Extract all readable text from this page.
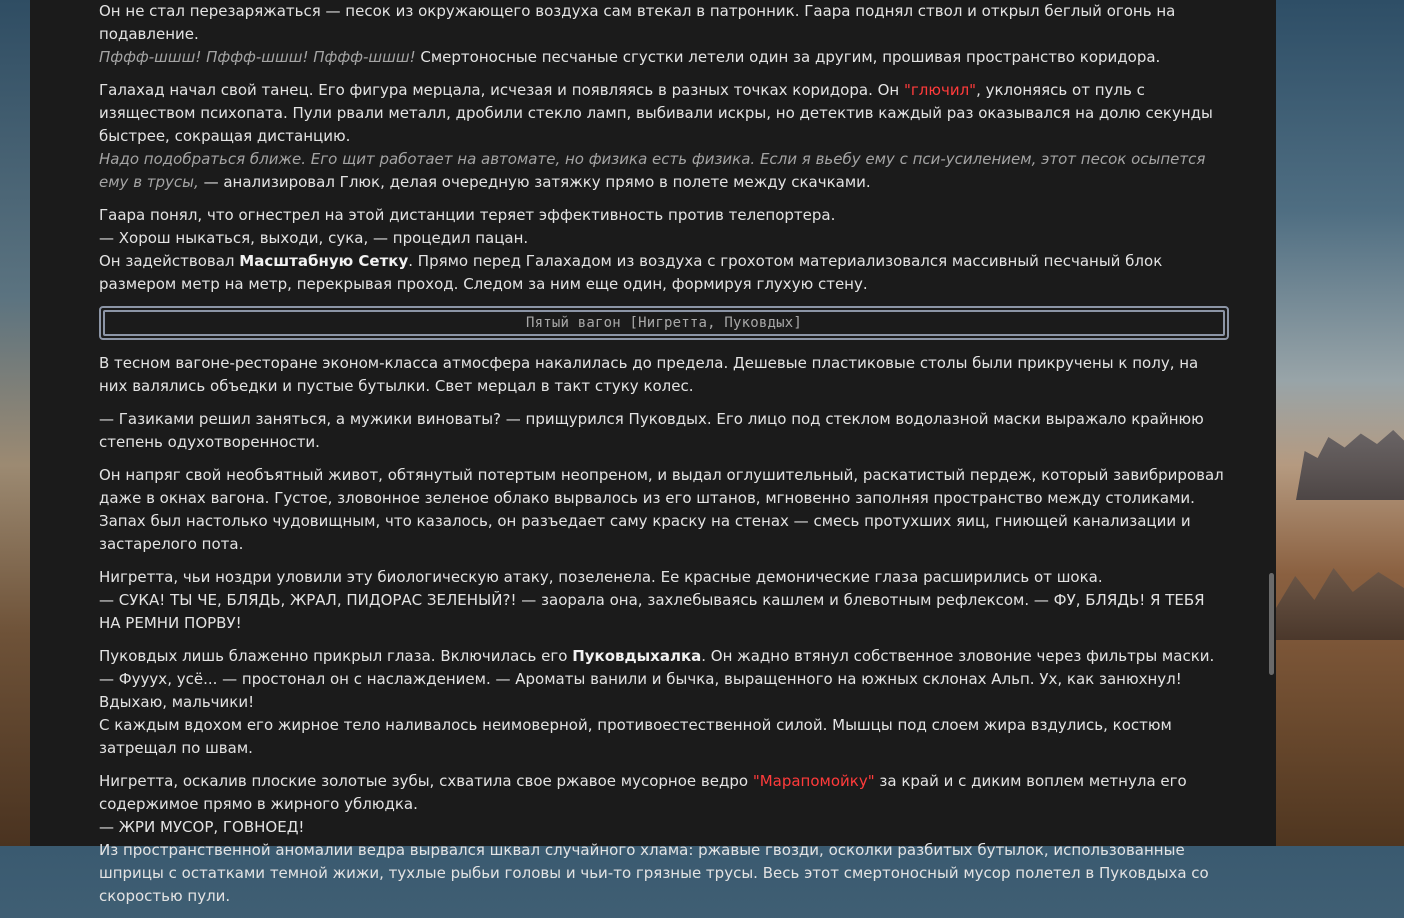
Он не стал перезаряжаться — песок из окружающего воздуха сам втекал в патронник. Гаара поднял ствол и открыл беглый огонь на подавление.
Пффф-шшш! Пффф-шшш! Пффф-шшш! Смертоносные песчаные сгустки летели один за другим, прошивая пространство коридора.

Галахад начал свой танец. Его фигура мерцала, исчезая и появляясь в разных точках коридора. Он "глючил", уклоняясь от пуль с изяществом психопата. Пули рвали металл, дробили стекло ламп, выбивали искры, но детектив каждый раз оказывался на долю секунды быстрее, сокращая дистанцию.
Надо подобраться ближе. Его щит работает на автомате, но физика есть физика. Если я вьебу ему с пси-усилением, этот песок осыпется ему в трусы, — анализировал Глюк, делая очередную затяжку прямо в полете между скачками.

Гаара понял, что огнестрел на этой дистанции теряет эффективность против телепортера.
— Хорош ныкаться, выходи, сука, — процедил пацан.
Он задействовал Масштабную Сетку. Прямо перед Галахадом из воздуха с грохотом материализовался массивный песчаный блок размером метр на метр, перекрывая проход. Следом за ним еще один, формируя глухую стену.

Пятый вагон [Нигретта, Пуковдых]

В тесном вагоне-ресторане эконом-класса атмосфера накалилась до предела. Дешевые пластиковые столы были прикручены к полу, на них валялись объедки и пустые бутылки. Свет мерцал в такт стуку колес.

— Газиками решил заняться, а мужики виноваты? — прищурился Пуковдых. Его лицо под стеклом водолазной маски выражало крайнюю степень одухотворенности.

Он напряг свой необъятный живот, обтянутый потертым неопреном, и выдал оглушительный, раскатистый пердеж, который завибрировал даже в окнах вагона. Густое, зловонное зеленое облако вырвалось из его штанов, мгновенно заполняя пространство между столиками. Запах был настолько чудовищным, что казалось, он разъедает саму краску на стенах — смесь протухших яиц, гниющей канализации и застарелого пота.

Нигретта, чьи ноздри уловили эту биологическую атаку, позеленела. Ее красные демонические глаза расширились от шока.
— СУКА! ТЫ ЧЕ, БЛЯДЬ, ЖРАЛ, ПИДОРАС ЗЕЛЕНЫЙ?! — заорала она, захлебываясь кашлем и блевотным рефлексом. — ФУ, БЛЯДЬ! Я ТЕБЯ НА РЕМНИ ПОРВУ!

Пуковдых лишь блаженно прикрыл глаза. Включилась его Пуковдыхалка. Он жадно втянул собственное зловоние через фильтры маски.
— Фууух, усё... — простонал он с наслаждением. — Ароматы ванили и бычка, выращенного на южных склонах Альп. Ух, как занюхнул! Вдыхаю, мальчики!
С каждым вдохом его жирное тело наливалось неимоверной, противоестественной силой. Мышцы под слоем жира вздулись, костюм затрещал по швам.

Нигретта, оскалив плоские золотые зубы, схватила свое ржавое мусорное ведро "Марапомойку" за край и с диким воплем метнула его содержимое прямо в жирного ублюдка.
— ЖРИ МУСОР, ГОВНОЕД!
Из пространственной аномалии ведра вырвался шквал случайного хлама: ржавые гвозди, осколки разбитых бутылок, использованные шприцы с остатками темной жижи, тухлые рыбьи головы и чьи-то грязные трусы. Весь этот смертоносный мусор полетел в Пуковдыха со скоростью пули.
